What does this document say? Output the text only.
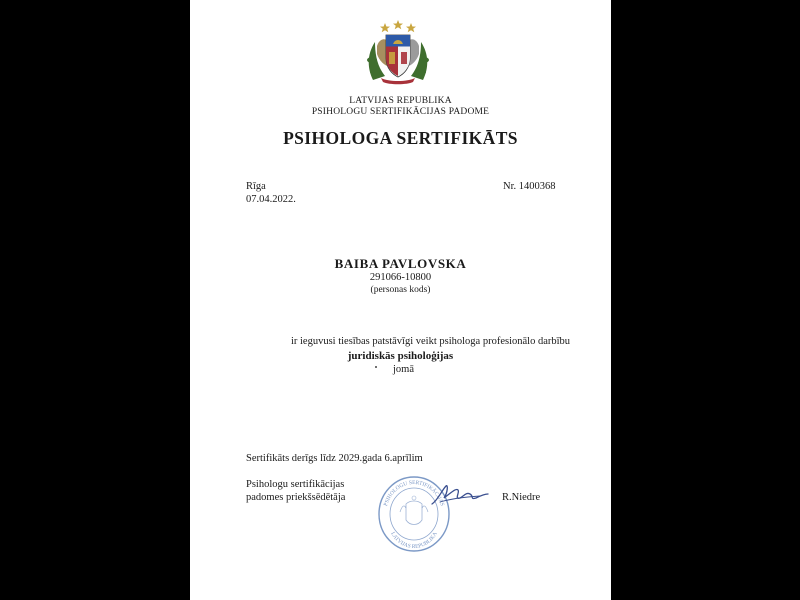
LATVIJAS REPUBLIKA
PSIHOLOGU SERTIFIKĀCIJAS PADOME
PSIHOLOGA SERTIFIKĀTS
Rīga
07.04.2022.
Nr. 1400368
BAIBA PAVLOVSKA
291066-10800
(personas kods)
ir ieguvusi tiesības patstāvīgi veikt psihologa profesionālo darbību
juridiskās psiholoģijas
jomā
Sertifikāts derīgs līdz 2029.gada 6.aprīlim
Psihologu sertifikācijas
padomes priekšsēdētāja	R.Niedre
PSIHOLOGU SERTIFIKĀCIJAS
LATVIJAS REPUBLIKA
